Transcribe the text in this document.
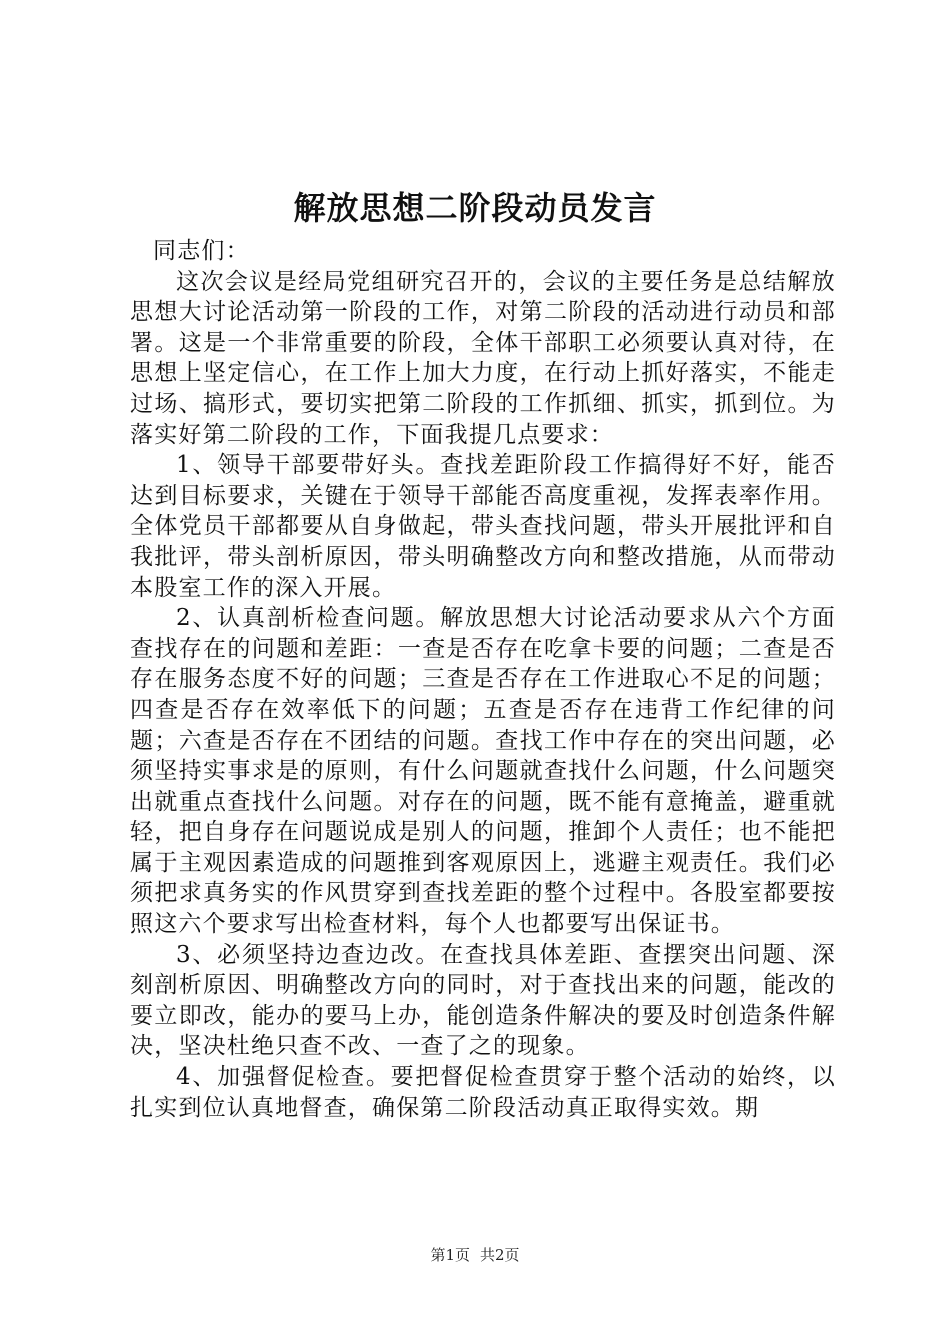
解放思想二阶段动员发言

同志们：

这次会议是经局党组研究召开的，会议的主要任务是总结解放思想大讨论活动第一阶段的工作，对第二阶段的活动进行动员和部署。这是一个非常重要的阶段，全体干部职工必须要认真对待，在思想上坚定信心，在工作上加大力度，在行动上抓好落实，不能走过场、搞形式，要切实把第二阶段的工作抓细、抓实，抓到位。为落实好第二阶段的工作，下面我提几点要求：

1、领导干部要带好头。查找差距阶段工作搞得好不好，能否达到目标要求，关键在于领导干部能否高度重视，发挥表率作用。全体党员干部都要从自身做起，带头查找问题，带头开展批评和自我批评，带头剖析原因，带头明确整改方向和整改措施，从而带动本股室工作的深入开展。

2、认真剖析检查问题。解放思想大讨论活动要求从六个方面查找存在的问题和差距：一查是否存在吃拿卡要的问题；二查是否存在服务态度不好的问题；三查是否存在工作进取心不足的问题；四查是否存在效率低下的问题；五查是否存在违背工作纪律的问题；六查是否存在不团结的问题。查找工作中存在的突出问题，必须坚持实事求是的原则，有什么问题就查找什么问题，什么问题突出就重点查找什么问题。对存在的问题，既不能有意掩盖，避重就轻，把自身存在问题说成是别人的问题，推卸个人责任；也不能把属于主观因素造成的问题推到客观原因上，逃避主观责任。我们必须把求真务实的作风贯穿到查找差距的整个过程中。各股室都要按照这六个要求写出检查材料，每个人也都要写出保证书。

3、必须坚持边查边改。在查找具体差距、查摆突出问题、深刻剖析原因、明确整改方向的同时，对于查找出来的问题，能改的要立即改，能办的要马上办，能创造条件解决的要及时创造条件解决，坚决杜绝只查不改、一查了之的现象。

4、加强督促检查。要把督促检查贯穿于整个活动的始终，以扎实到位认真地督查，确保第二阶段活动真正取得实效。期

第1页 共2页
